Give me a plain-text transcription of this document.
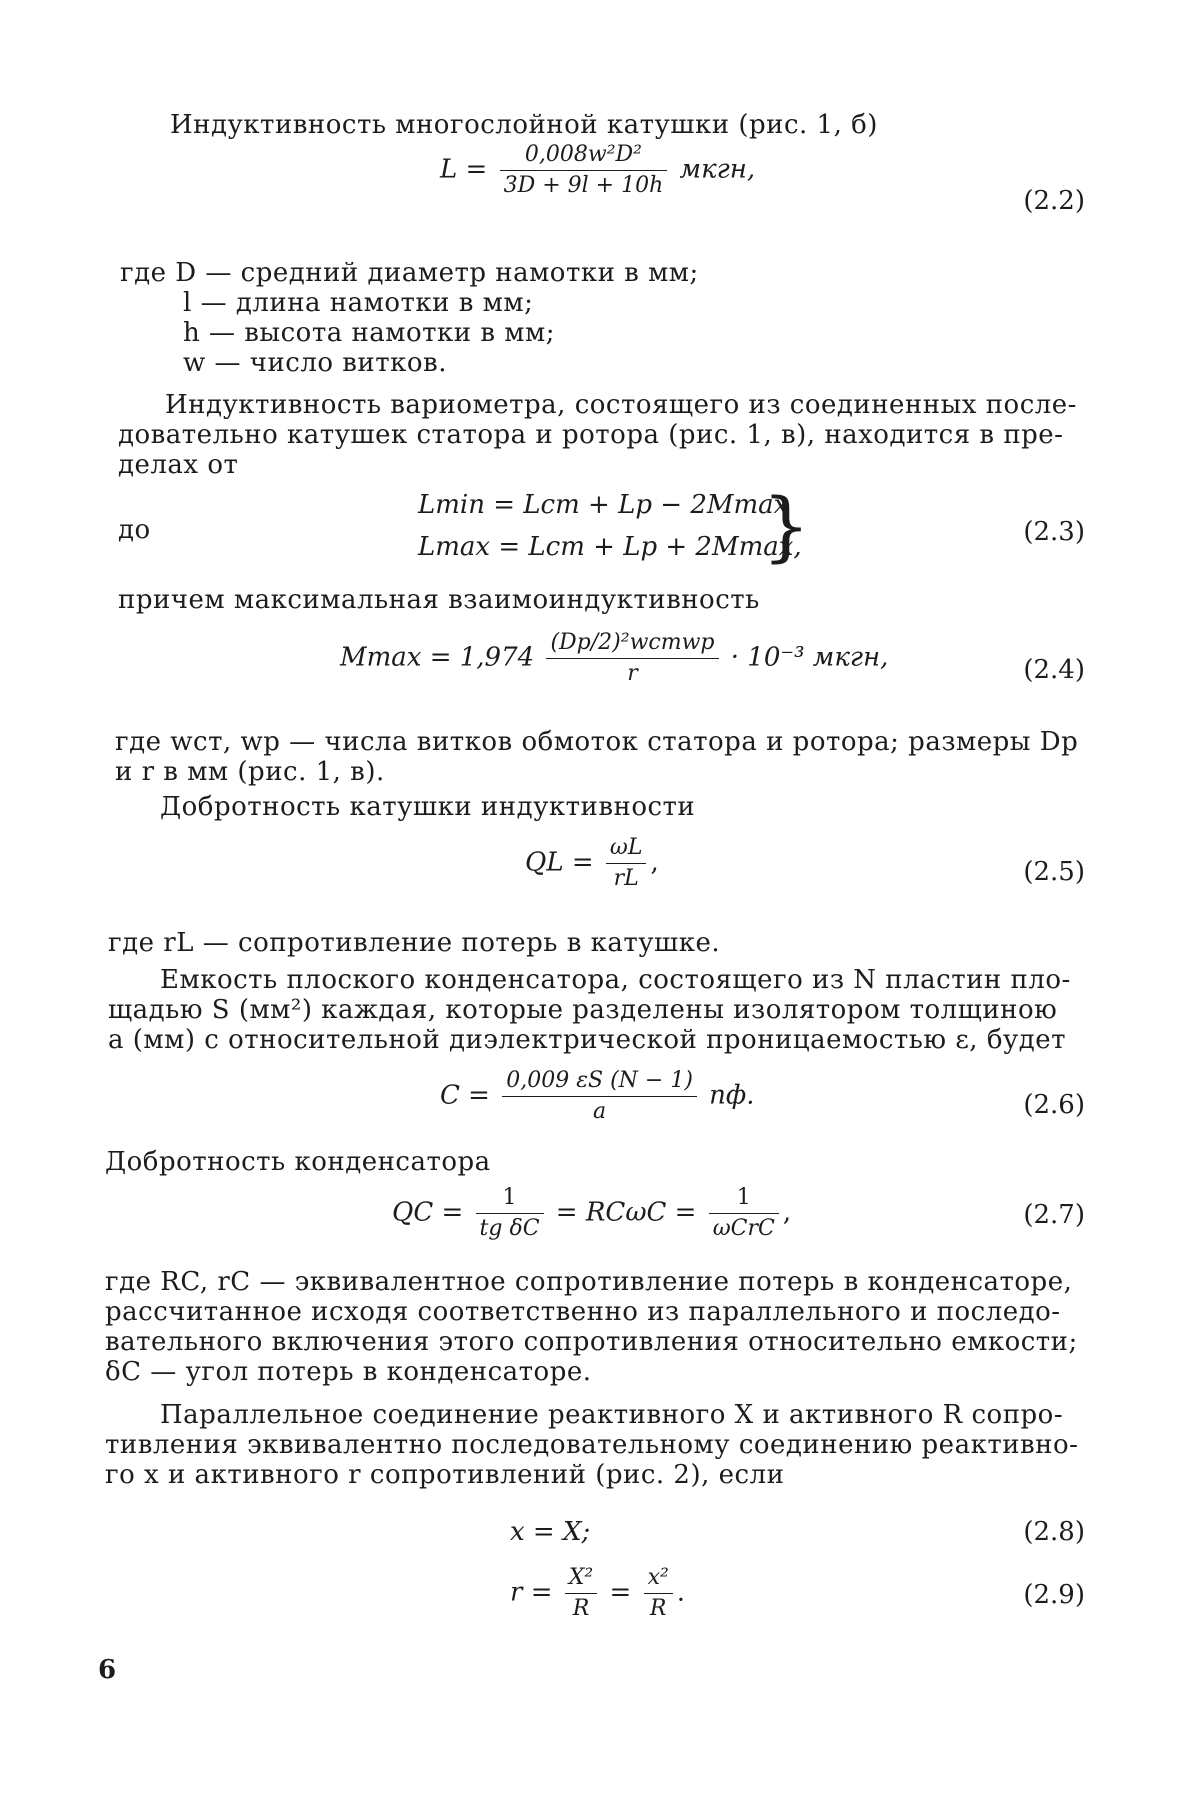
Индуктивность многослойной катушки (рис. 1, б)
$L = \frac{\text{0,008w²D²}}{3D + 9l + 10h}$ мкгн,
(2.2)
где D — средний диаметр намотки в мм;
l — длина намотки в мм;
h — высота намотки в мм;
w — число витков.
Индуктивность вариометра, состоящего из соединенных после-
довательно катушек статора и ротора (рис. 1, в), находится в пре-
делах от
до
Lmin = Lст + Lр − 2Mmax
Lmax = Lст + Lр + 2Mmax,
}	(2.3)
причем максимальная взаимоиндуктивность
$Mmax = 1,974 \frac{\text{(Dр/2)²wстwр}}{r} \cdot 10^{-3}$ мкгн,	(2.4)
где wст, wр — числа витков обмоток статора и ротора; размеры Dр
и r в мм (рис. 1, в).
Добротность катушки индуктивности
QL = $\frac{\omega L}{rL}$ ,	(2.5)
где rL — сопротивление потерь в катушке.
Емкость плоского конденсатора, состоящего из N пластин пло-
щадью S (мм²) каждая, которые разделены изолятором толщиною
a (мм) с относительной диэлектрической проницаемостью ε, будет
$C = \frac{0,009 \varepsilon S (N - 1)}{a}$ пф.	(2.6)
Добротность конденсатора
QC = $\frac{1}{\text{tg δC}} = RC\omega C = \frac{1}{\text{ωCrC}}$ ,	(2.7)
где RC, rC — эквивалентное сопротивление потерь в конденсаторе,
рассчитанное исходя соответственно из параллельного и последо-
вательного включения этого сопротивления относительно емкости;
δC — угол потерь в конденсаторе.
Параллельное соединение реактивного X и активного R сопро-
тивления эквивалентно последовательному соединению реактивно-
го x и активного r сопротивлений (рис. 2), если
x = X;	(2.8)
$r = \frac{\text{X²}}{R} = \frac{\text{x²}}{R}$ .	(2.9)
6
